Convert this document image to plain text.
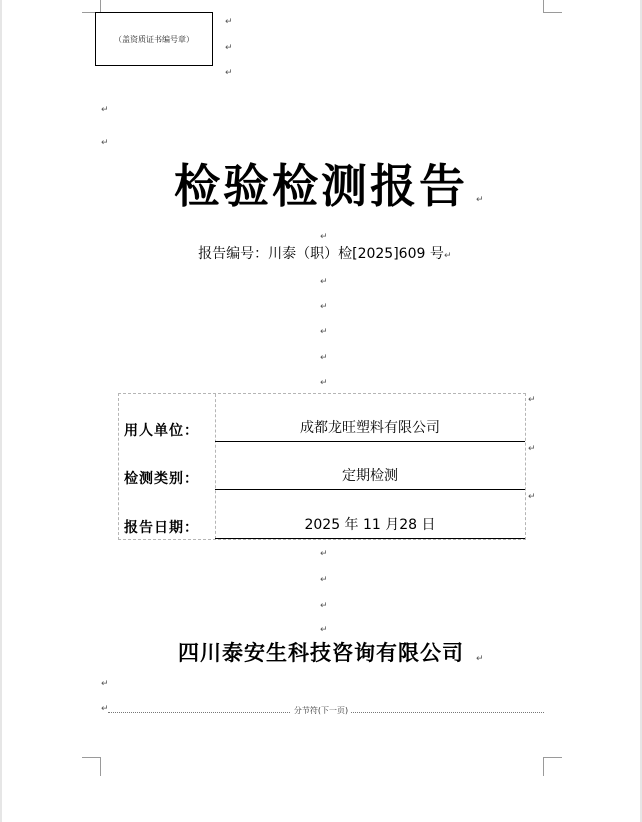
（盖资质证书编号章）
↵
↵
↵
↵
↵
检验检测报告 ↵
↵
报告编号：川泰（职）检[2025]609 号 ↵
↵
↵
↵
↵
↵
用人单位：	成都龙旺塑料有限公司
检测类别：	定期检测
报告日期：	2025 年 11 月28 日
↵
↵
↵
↵
↵
↵
↵
四川泰安生科技咨询有限公司	↵
↵
↵	分节符(下一页)
